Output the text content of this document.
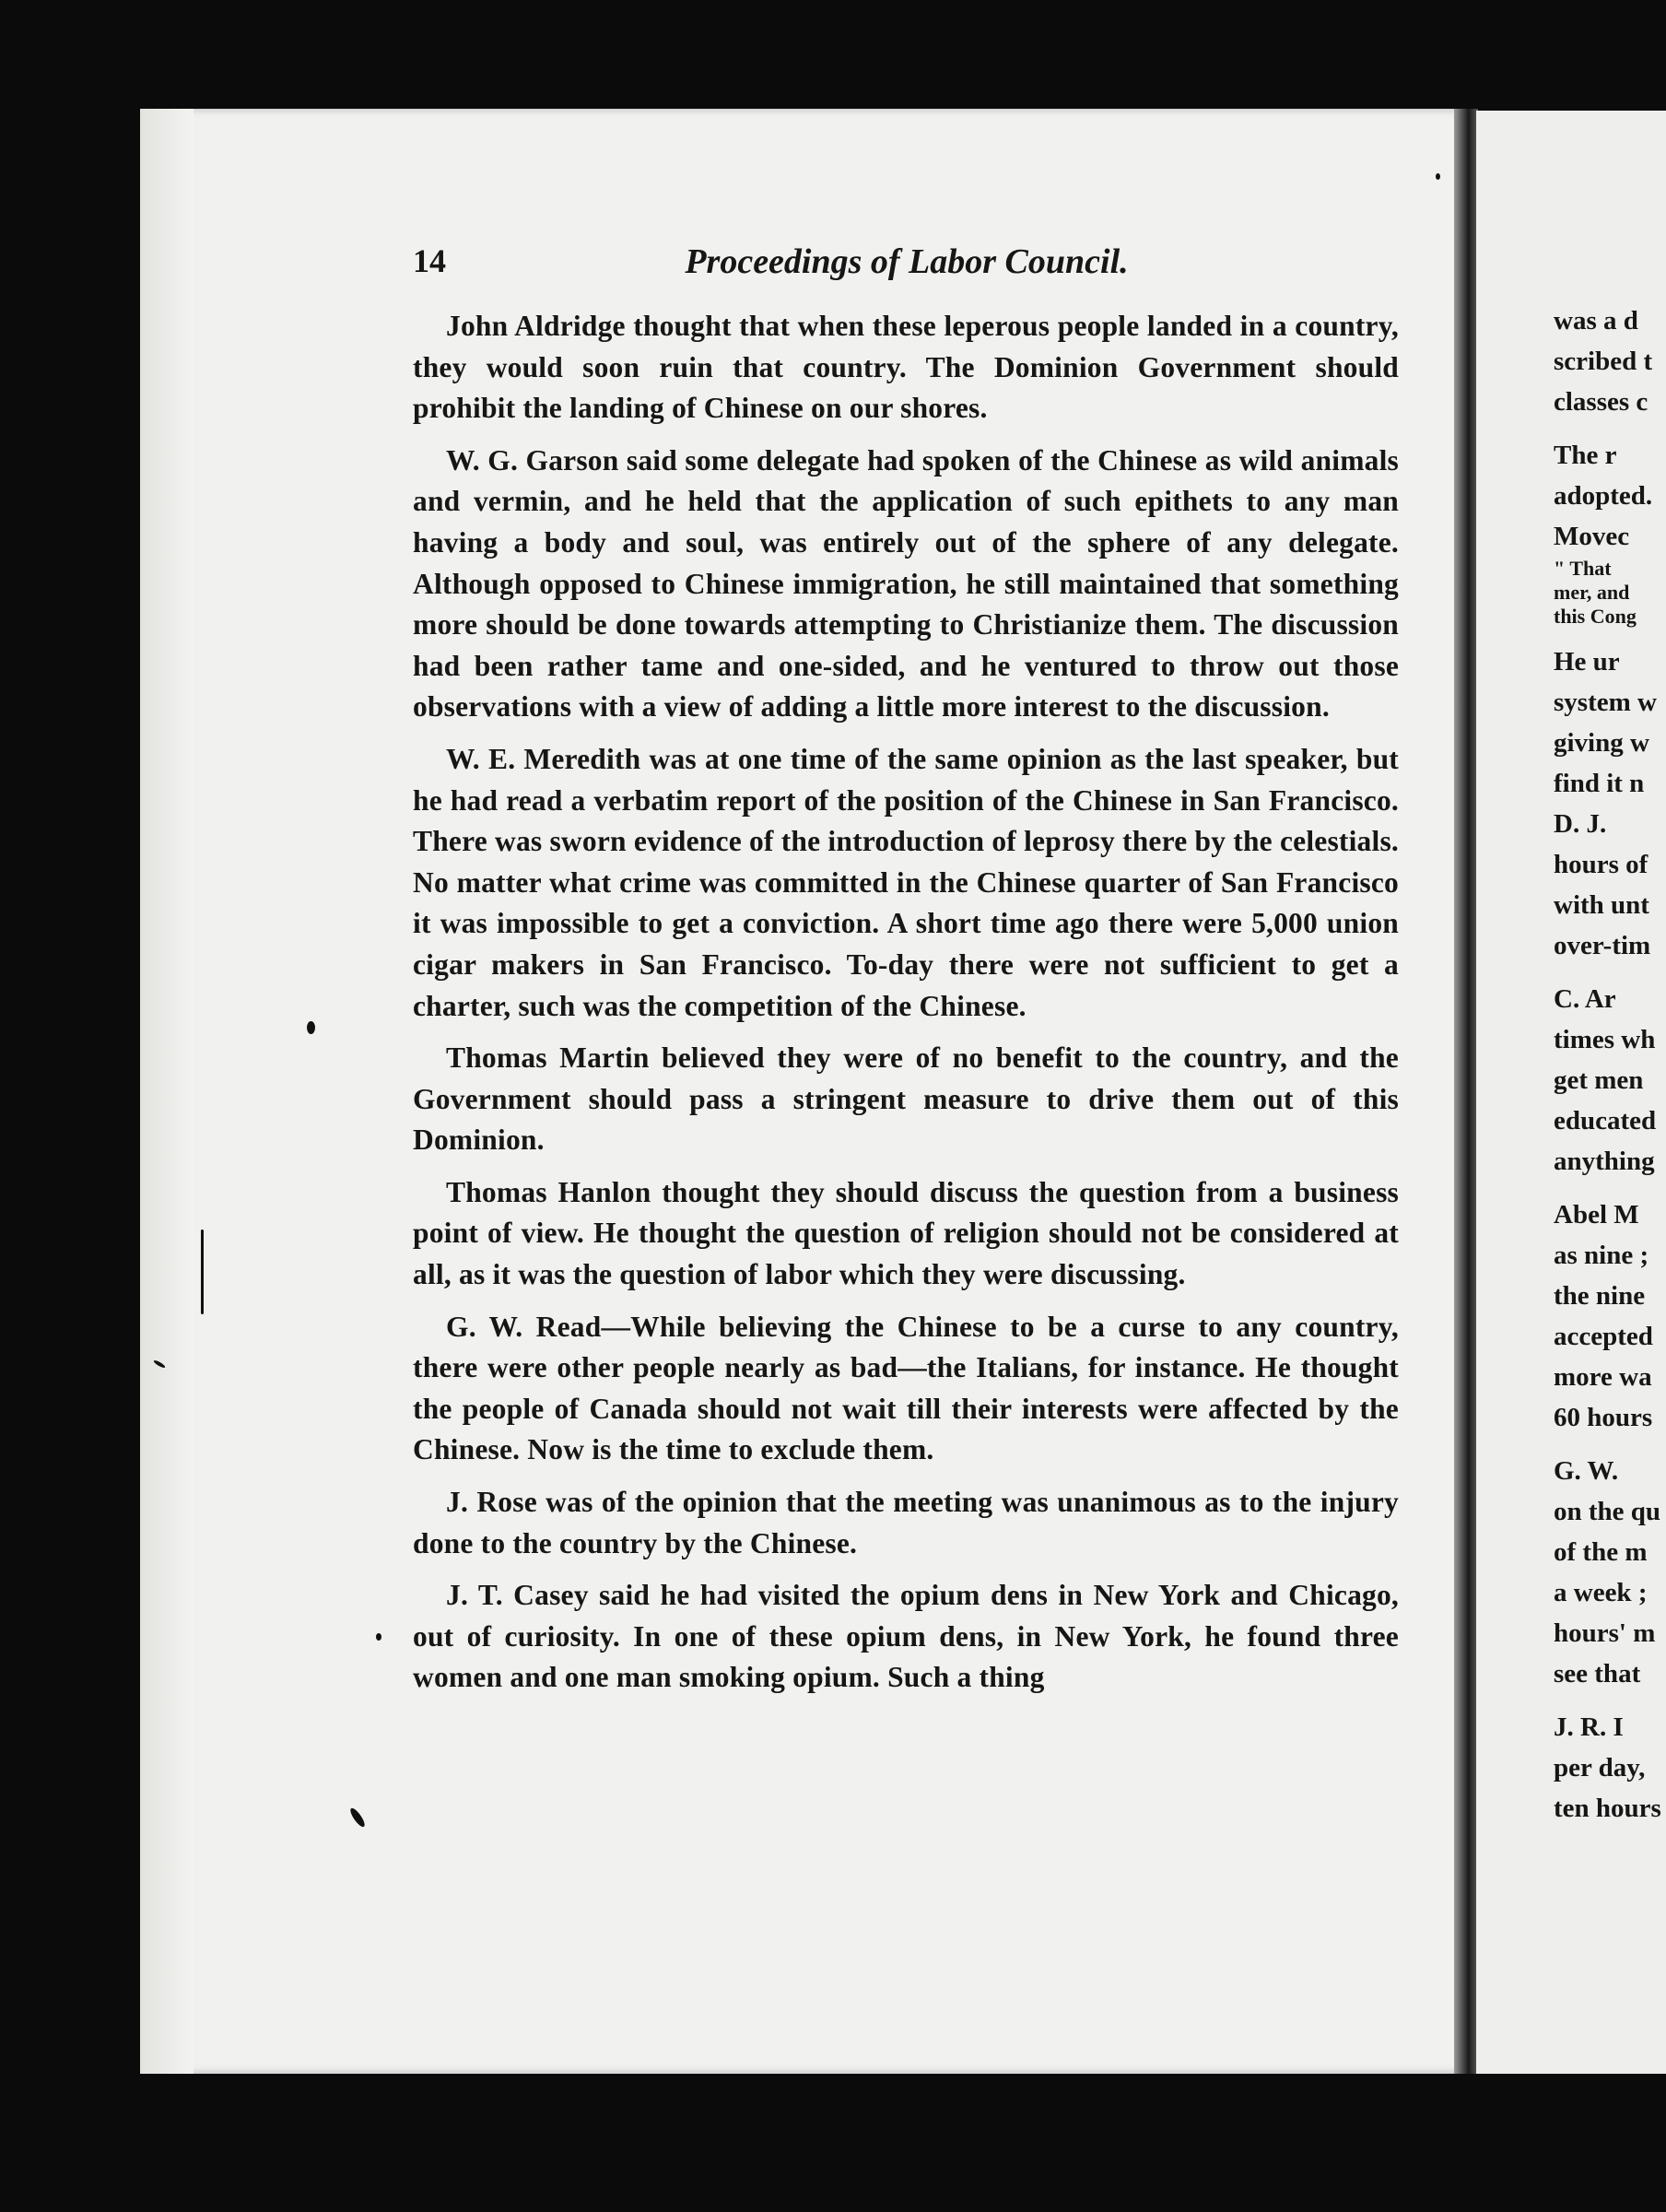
14	Proceedings of Labor Council.

John Aldridge thought that when these leperous people landed in a country, they would soon ruin that country. The Dominion Government should prohibit the landing of Chinese on our shores.

W. G. Garson said some delegate had spoken of the Chinese as wild animals and vermin, and he held that the application of such epithets to any man having a body and soul, was entirely out of the sphere of any delegate. Although opposed to Chinese immigration, he still maintained that something more should be done towards attempting to Christianize them. The discussion had been rather tame and one-sided, and he ventured to throw out those observations with a view of adding a little more interest to the discussion.

W. E. Meredith was at one time of the same opinion as the last speaker, but he had read a verbatim report of the position of the Chinese in San Francisco. There was sworn evidence of the introduction of leprosy there by the celestials. No matter what crime was committed in the Chinese quarter of San Francisco it was impossible to get a conviction. A short time ago there were 5,000 union cigar makers in San Francisco. To-day there were not sufficient to get a charter, such was the competition of the Chinese.

Thomas Martin believed they were of no benefit to the country, and the Government should pass a stringent measure to drive them out of this Dominion.

Thomas Hanlon thought they should discuss the question from a business point of view. He thought the question of religion should not be considered at all, as it was the question of labor which they were discussing.

G. W. Read—While believing the Chinese to be a curse to any country, there were other people nearly as bad—the Italians, for instance. He thought the people of Canada should not wait till their interests were affected by the Chinese. Now is the time to exclude them.

J. Rose was of the opinion that the meeting was unanimous as to the injury done to the country by the Chinese.

J. T. Casey said he had visited the opium dens in New York and Chicago, out of curiosity. In one of these opium dens, in New York, he found three women and one man smoking opium. Such a thing

was a d
scribed t
classes c
The r
adopted.
Movec
" That
mer, and
this Cong
He ur
system w
giving w
find it n
D. J.
hours of
with unt
over-tim
C. Ar
times wh
get men
educated
anything
Abel M
as nine ;
the nine
accepted
more wa
60 hours
G. W.
on the qu
of the m
a week ;
hours' m
see that
J. R. I
per day,
ten hours
